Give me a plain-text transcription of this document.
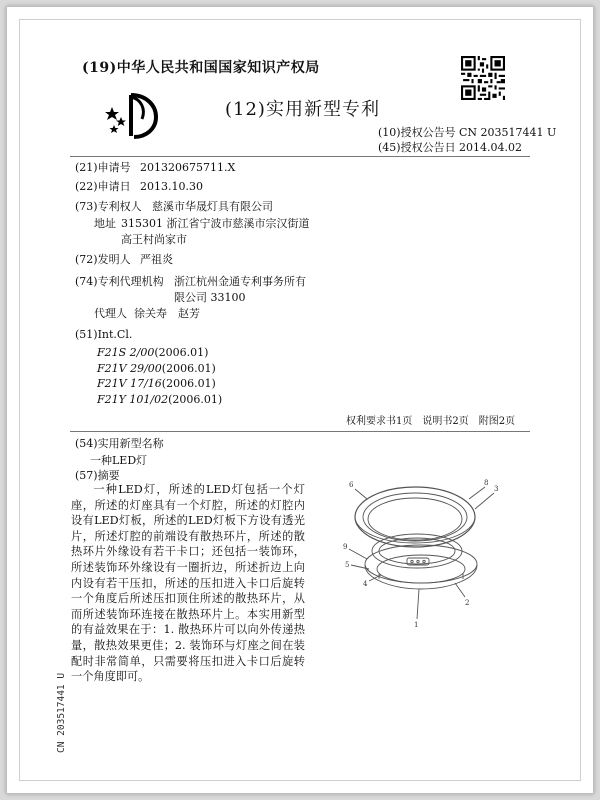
(19)中华人民共和国国家知识产权局
(12)实用新型专利
(10)授权公告号 CN 203517441 U
(45)授权公告日 2014.04.02
(21)申请号 201320675711.X
(22)申请日 2013.10.30
(73)专利权人 慈溪市华晟灯具有限公司
地址 315301 浙江省宁波市慈溪市宗汉街道
高王村尚家市
(72)发明人 严祖炎
(74)专利代理机构 浙江杭州金通专利事务所有
限公司 33100
代理人 徐关寿　赵芳
(51)Int.Cl.
F21S 2/00(2006.01)
F21V 29/00(2006.01)
F21V 17/16(2006.01)
F21Y 101/02(2006.01)
权利要求书1页　说明书2页　附图2页
(54)实用新型名称
一种LED灯
(57)摘要

一种LED灯，所述的LED灯包括一个灯座，所述的灯座具有一个灯腔，所述的灯腔内设有LED灯板，所述的LED灯板下方设有透光片，所述灯腔的前端设有散热环片，所述的散热环片外缘设有若干卡口；还包括一装饰环，所述装饰环外缘设有一圈折边，所述折边上向内设有若干压扣，所述的压扣进入卡口后旋转一个角度后所述压扣顶住所述的散热环片，从而所述装饰环连接在散热环片上。本实用新型的有益效果在于：1. 散热环片可以向外传递热量，散热效果更佳；2. 装饰环与灯座之间在装配时非常简单，只需要将压扣进入卡口后旋转一个角度即可。

6	8
3
9
5
4
2
1
CN 203517441 U
